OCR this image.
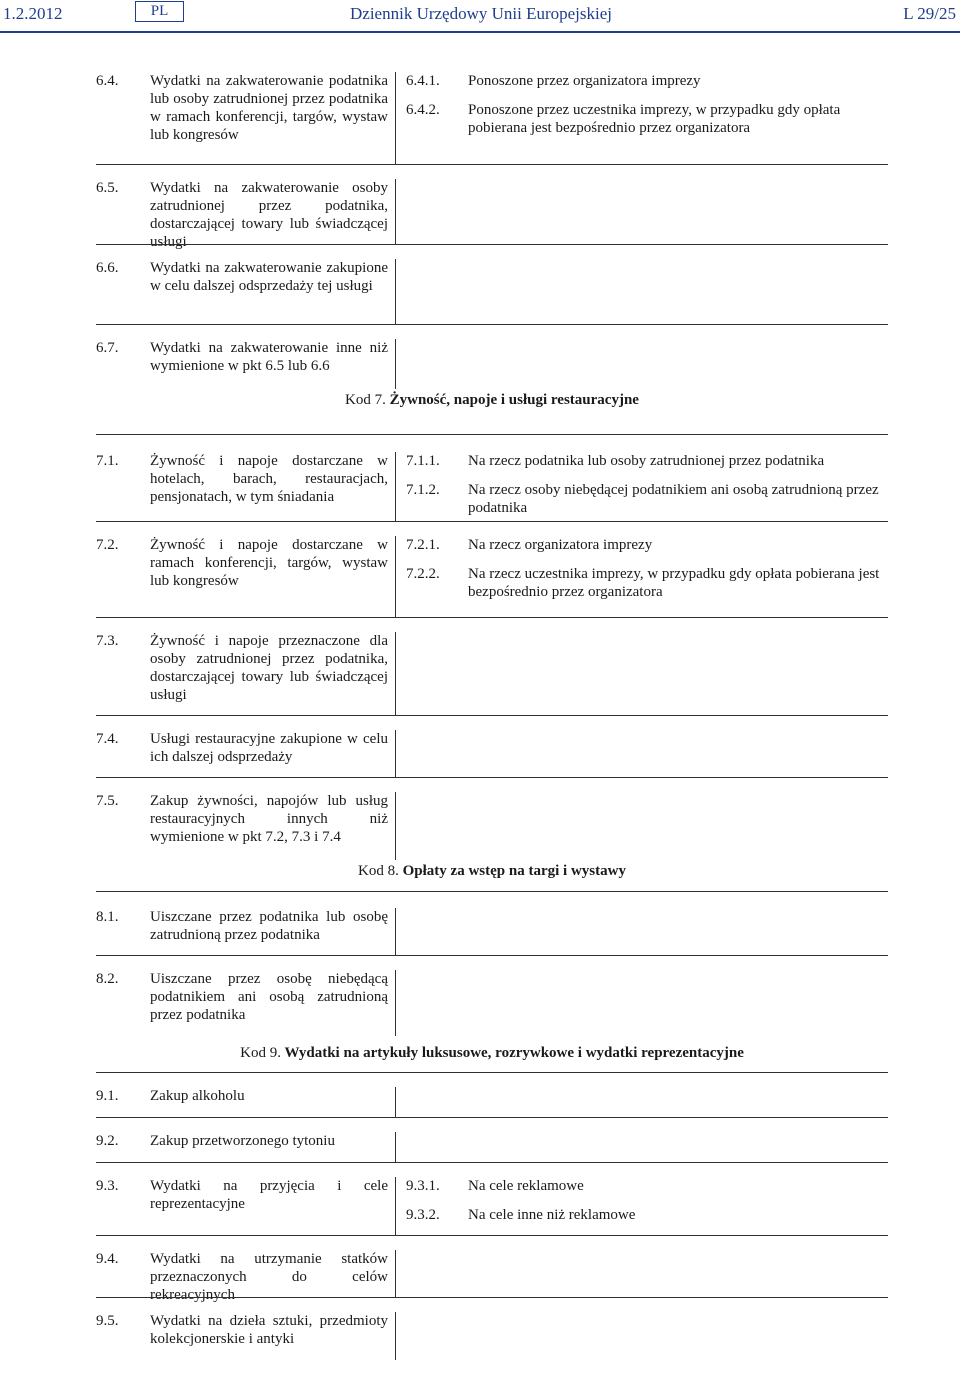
1.2.2012	PL	Dziennik Urzędowy Unii Europejskiej	L 29/25
6.4.	Wydatki na zakwaterowanie podatnika lub osoby zatrudnionej przez podatnika w ramach konferencji, targów, wystaw lub kongresów
6.4.1.	Ponoszone przez organizatora imprezy
6.4.2.	Ponoszone przez uczestnika imprezy, w przypadku gdy opłata pobierana jest bezpośrednio przez organizatora
6.5.	Wydatki na zakwaterowanie osoby zatrudnionej przez podatnika, dostarczającej towary lub świadczącej usługi
6.6.	Wydatki na zakwaterowanie zakupione w celu dalszej odsprzedaży tej usługi
6.7.	Wydatki na zakwaterowanie inne niż wymienione w pkt 6.5 lub 6.6
Kod 7. Żywność, napoje i usługi restauracyjne
7.1.	Żywność i napoje dostarczane w hotelach, barach, restauracjach, pensjonatach, w tym śniadania
7.1.1.	Na rzecz podatnika lub osoby zatrudnionej przez podatnika
7.1.2.	Na rzecz osoby niebędącej podatnikiem ani osobą zatrudnioną przez podatnika
7.2.	Żywność i napoje dostarczane w ramach konferencji, targów, wystaw lub kongresów
7.2.1.	Na rzecz organizatora imprezy
7.2.2.	Na rzecz uczestnika imprezy, w przypadku gdy opłata pobierana jest bezpośrednio przez organizatora
7.3.	Żywność i napoje przeznaczone dla osoby zatrudnionej przez podatnika, dostarczającej towary lub świadczącej usługi
7.4.	Usługi restauracyjne zakupione w celu ich dalszej odsprzedaży
7.5.	Zakup żywności, napojów lub usług restauracyjnych innych niż wymienione w pkt 7.2, 7.3 i 7.4
Kod 8. Opłaty za wstęp na targi i wystawy
8.1.	Uiszczane przez podatnika lub osobę zatrudnioną przez podatnika
8.2.	Uiszczane przez osobę niebędącą podatnikiem ani osobą zatrudnioną przez podatnika
Kod 9. Wydatki na artykuły luksusowe, rozrywkowe i wydatki reprezentacyjne
9.1.	Zakup alkoholu
9.2.	Zakup przetworzonego tytoniu
9.3.	Wydatki na przyjęcia i cele reprezentacyjne
9.3.1.	Na cele reklamowe
9.3.2.	Na cele inne niż reklamowe
9.4.	Wydatki na utrzymanie statków przeznaczonych do celów rekreacyjnych
9.5.	Wydatki na dzieła sztuki, przedmioty kolekcjonerskie i antyki
